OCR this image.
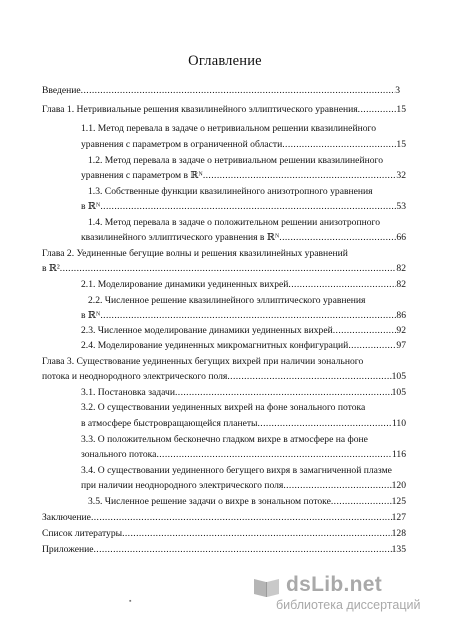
Оглавление
Введение .....	3
Глава 1. Нетривиальные решения квазилинейного эллиптического уравнения .....	15
1.1. Метод перевала в задаче о нетривиальном решении квазилинейного
уравнения с параметром в ограниченной области .....	15
1.2. Метод перевала в задаче о нетривиальном решении квазилинейного
уравнения с параметром в ℝᴺ .....	32
1.3. Собственные функции квазилинейного анизотропного уравнения
в ℝᴺ .....	53
1.4. Метод перевала в задаче о положительном решении анизотропного
квазилинейного эллиптического уравнения в ℝᴺ .....	66
Глава 2. Уединенные бегущие волны и решения квазилинейных уравнений
в ℝ² .....	82
2.1. Моделирование динамики уединенных вихрей .....	82
2.2. Численное решение квазилинейного эллиптического уравнения
в ℝᴺ .....	86
2.3. Численное моделирование динамики уединенных вихрей .....	92
2.4. Моделирование уединенных микромагнитных конфигураций .....	97
Глава 3. Существование уединенных бегущих вихрей при наличии зонального
потока и неоднородного электрического поля .....	105
3.1. Постановка задачи .....	105
3.2. О существовании уединенных вихрей на фоне зонального потока
в атмосфере быстровращающейся планеты .....	110
3.3. О положительном бесконечно гладком вихре в атмосфере на фоне
зонального потока .....	116
3.4. О существовании уединенного бегущего вихря в замагниченной плазме
при наличии неоднородного электрического поля .....	120
3.5. Численное решение задачи о вихре в зональном потоке .....	125
Заключение .....	127
Список литературы .....	128
Приложение .....	135
▪
dsLib.net
библиотека диссертаций
